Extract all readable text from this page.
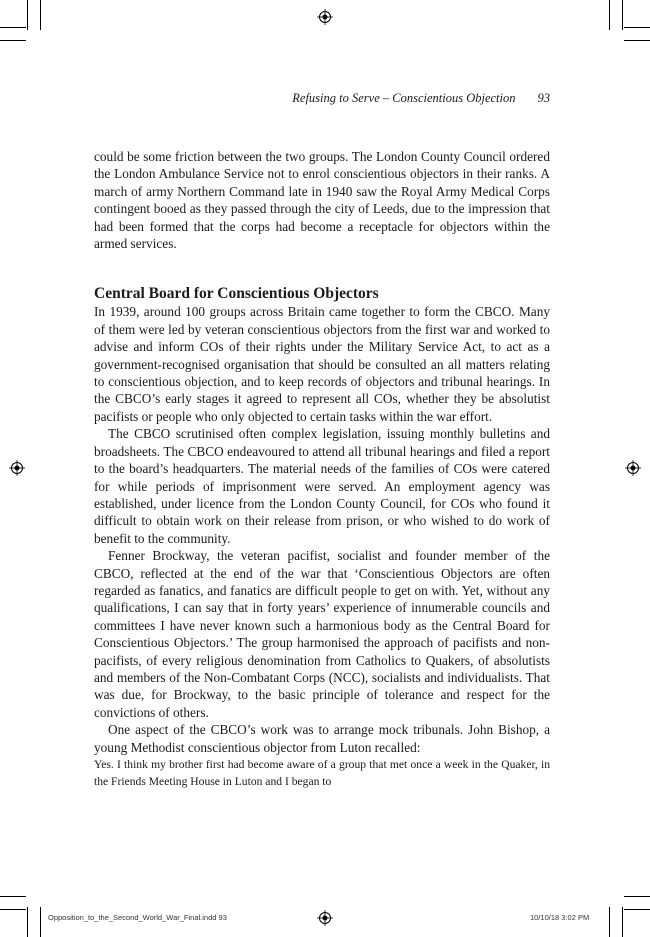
Refusing to Serve – Conscientious Objection 93

could be some friction between the two groups. The London County Council ordered the London Ambulance Service not to enrol conscientious objectors in their ranks. A march of army Northern Command late in 1940 saw the Royal Army Medical Corps contingent booed as they passed through the city of Leeds, due to the impression that had been formed that the corps had become a receptacle for objectors within the armed services.

Central Board for Conscientious Objectors

In 1939, around 100 groups across Britain came together to form the CBCO. Many of them were led by veteran conscientious objectors from the first war and worked to advise and inform COs of their rights under the Military Service Act, to act as a government-recognised organisation that should be consulted an all matters relating to conscientious objection, and to keep records of objectors and tribunal hearings. In the CBCO’s early stages it agreed to represent all COs, whether they be absolutist pacifists or people who only objected to certain tasks within the war effort.

The CBCO scrutinised often complex legislation, issuing monthly bulletins and broadsheets. The CBCO endeavoured to attend all tribunal hearings and filed a report to the board’s headquarters. The material needs of the families of COs were catered for while periods of imprisonment were served. An employment agency was established, under licence from the London County Council, for COs who found it difficult to obtain work on their release from prison, or who wished to do work of benefit to the community.

Fenner Brockway, the veteran pacifist, socialist and founder member of the CBCO, reflected at the end of the war that ‘Conscientious Objectors are often regarded as fanatics, and fanatics are difficult people to get on with. Yet, without any qualifications, I can say that in forty years’ experience of innumerable councils and committees I have never known such a harmonious body as the Central Board for Conscientious Objectors.’ The group harmonised the approach of pacifists and non-pacifists, of every religious denomination from Catholics to Quakers, of absolutists and members of the Non-Combatant Corps (NCC), socialists and individualists. That was due, for Brockway, to the basic principle of tolerance and respect for the convictions of others.

One aspect of the CBCO’s work was to arrange mock tribunals. John Bishop, a young Methodist conscientious objector from Luton recalled:

Yes. I think my brother first had become aware of a group that met once a week in the Quaker, in the Friends Meeting House in Luton and I began to

Opposition_to_the_Second_World_War_Final.indd 93	10/10/18 3:02 PM
